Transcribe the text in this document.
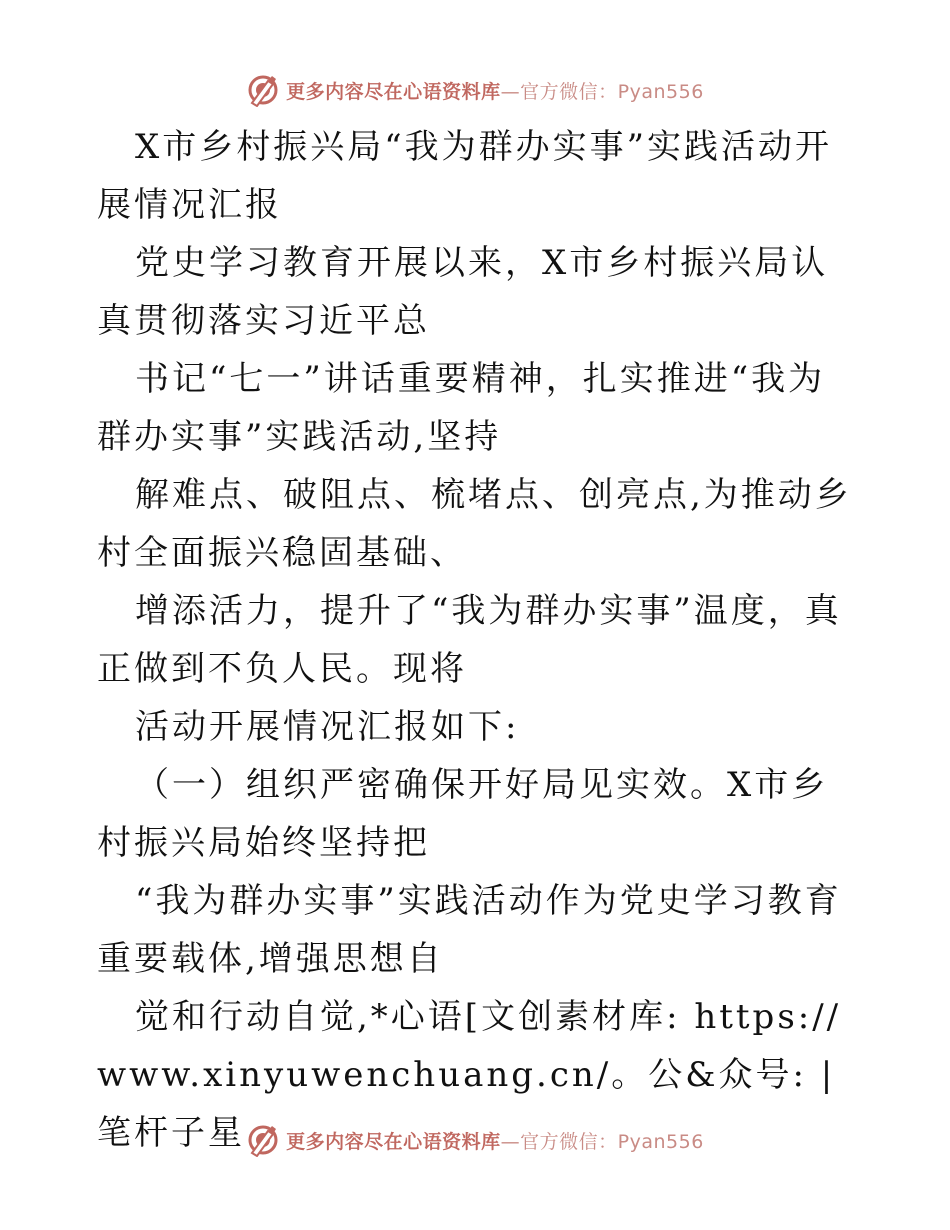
更多内容尽在心语资料库—官方微信：Pyan556

X市乡村振兴局“我为群办实事”实践活动开展情况汇报

党史学习教育开展以来，X市乡村振兴局认真贯彻落实习近平总

书记“七一”讲话重要精神，扎实推进“我为群办实事”实践活动,坚持

解难点、破阻点、梳堵点、创亮点,为推动乡村全面振兴稳固基础、

增添活力，提升了“我为群办实事”温度，真正做到不负人民。现将

活动开展情况汇报如下:

（一）组织严密确保开好局见实效。X市乡村振兴局始终坚持把

“我为群办实事”实践活动作为党史学习教育重要载体,增强思想自

觉和行动自觉,*心语[文创素材库: https://www.xinyuwenchuang.cn/。公&众号: |笔杆子星	更多内容尽在心语资料库—官方微信：Pyan556
